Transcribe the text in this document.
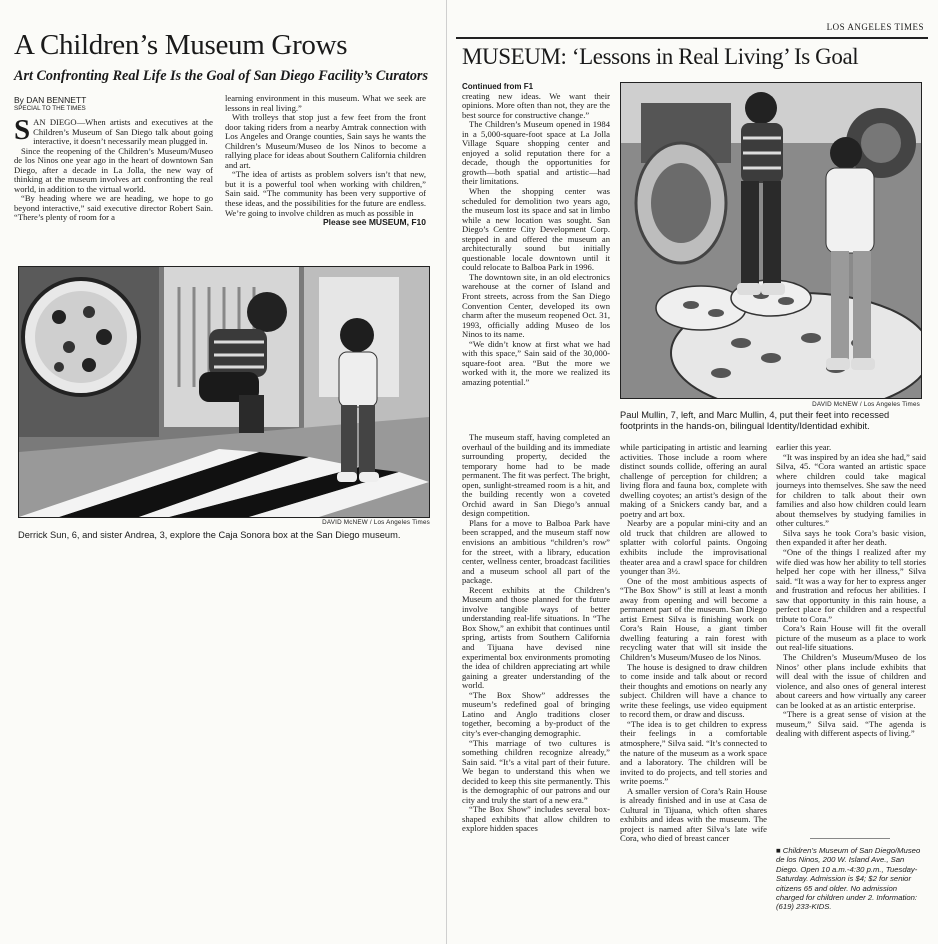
A Children’s Museum Grows
Art Confronting Real Life Is the Goal of San Diego Facility’s Curators
By DAN BENNETT
SPECIAL TO THE TIMES

SAN DIEGO—When artists and executives at the Children’s Museum of San Diego talk about going interactive, it doesn’t necessarily mean plugged in.

Since the reopening of the Children’s Museum/Museo de los Ninos one year ago in the heart of downtown San Diego, after a decade in La Jolla, the new way of thinking at the museum involves art confronting the real world, in addition to the virtual world.

“By heading where we are heading, we hope to go beyond interactive,” said executive director Robert Sain. “There’s plenty of room for a

learning environment in this museum. What we seek are lessons in real living.”

With trolleys that stop just a few feet from the front door taking riders from a nearby Amtrak connection with Los Angeles and Orange counties, Sain says he wants the Children’s Museum/Museo de los Ninos to become a rallying place for ideas about Southern California children and art.

“The idea of artists as problem solvers isn’t that new, but it is a powerful tool when working with children,” Sain said. “The community has been very supportive of these ideas, and the possibilities for the future are endless. We’re going to involve children as much as possible in

Please see MUSEUM, F10
DAVID McNEW / Los Angeles Times
Derrick Sun, 6, and sister Andrea, 3, explore the Caja Sonora box at the San Diego museum.
LOS ANGELES TIMES
MUSEUM: ‘Lessons in Real Living’ Is Goal

Continued from F1

creating new ideas. We want their opinions. More often than not, they are the best source for constructive change.”

The Children’s Museum opened in 1984 in a 5,000-square-foot space at La Jolla Village Square shopping center and enjoyed a solid reputation there for a decade, though the opportunities for growth—both spatial and artistic—had their limitations.

When the shopping center was scheduled for demolition two years ago, the museum lost its space and sat in limbo while a new location was sought. San Diego’s Centre City Development Corp. stepped in and offered the museum an architecturally sound but initially questionable locale downtown until it could relocate to Balboa Park in 1996.

The downtown site, in an old electronics warehouse at the corner of Island and Front streets, across from the San Diego Convention Center, developed its own charm after the museum reopened Oct. 31, 1993, officially adding Museo de los Ninos to its name.

“We didn’t know at first what we had with this space,” Sain said of the 30,000-square-foot area. “But the more we worked with it, the more we realized its amazing potential.”

The museum staff, having completed an overhaul of the building and its immediate surrounding property, decided the temporary home had to be made permanent. The fit was perfect. The bright, open, sunlight-streamed room is a hit, and the building recently won a coveted Orchid award in San Diego’s annual design competition.

Plans for a move to Balboa Park have been scrapped, and the museum staff now envisions an ambitious “children’s row” for the street, with a library, education center, wellness center, broadcast facilities and a museum school all part of the package.

Recent exhibits at the Children’s Museum and those planned for the future involve tangible ways of better understanding real-life situations. In “The Box Show,” an exhibit that continues until spring, artists from Southern California and Tijuana have devised nine experimental box environments promoting the idea of children appreciating art while gaining a greater understanding of the world.

“The Box Show” addresses the museum’s redefined goal of bringing Latino and Anglo traditions closer together, becoming a by-product of the city’s ever-changing demographic.

“This marriage of two cultures is something children recognize already,” Sain said. “It’s a vital part of their future. We began to understand this when we decided to keep this site permanently. This is the demographic of our patrons and our city and truly the start of a new era.”

“The Box Show” includes several box-shaped exhibits that allow children to explore hidden spaces

DAVID McNEW / Los Angeles Times
Paul Mullin, 7, left, and Marc Mullin, 4, put their feet into recessed footprints in the hands-on, bilingual Identity/Identidad exhibit.

while participating in artistic and learning activities. Those include a room where distinct sounds collide, offering an aural challenge of perception for children; a living flora and fauna box, complete with dwelling coyotes; an artist’s design of the making of a Snickers candy bar, and a poetry and art box.

Nearby are a popular mini-city and an old truck that children are allowed to splatter with colorful paints. Ongoing exhibits include the improvisational theater area and a crawl space for children younger than 3½.

One of the most ambitious aspects of “The Box Show” is still at least a month away from opening and will become a permanent part of the museum. San Diego artist Ernest Silva is finishing work on Cora’s Rain House, a giant timber dwelling featuring a rain forest with recycling water that will sit inside the Children’s Museum/Museo de los Ninos.

The house is designed to draw children to come inside and talk about or record their thoughts and emotions on nearly any subject. Children will have a chance to write these feelings, use video equipment to record them, or draw and discuss.

“The idea is to get children to express their feelings in a comfortable atmosphere,” Silva said. “It’s connected to the nature of the museum as a work space and a laboratory. The children will be invited to do projects, and tell stories and write poems.”

A smaller version of Cora’s Rain House is already finished and in use at Casa de Cultural in Tijuana, which often shares exhibits and ideas with the museum. The project is named after Silva’s late wife Cora, who died of breast cancer

earlier this year.

“It was inspired by an idea she had,” said Silva, 45. “Cora wanted an artistic space where children could take magical journeys into themselves. She saw the need for children to talk about their own families and also how children could learn about themselves by studying families in other cultures.”

Silva says he took Cora’s basic vision, then expanded it after her death.

“One of the things I realized after my wife died was how her ability to tell stories helped her cope with her illness,” Silva said. “It was a way for her to express anger and frustration and refocus her abilities. I saw that opportunity in this rain house, a perfect place for children and a respectful tribute to Cora.”

Cora’s Rain House will fit the overall picture of the museum as a place to work out real-life situations.

The Children’s Museum/Museo de los Ninos’ other plans include exhibits that will deal with the issue of children and violence, and also ones of general interest about careers and how virtually any career can be looked at as an artistic enterprise.

“There is a great sense of vision at the museum,” Silva said. “The agenda is dealing with different aspects of living.”

■ Children’s Museum of San Diego/Museo de los Ninos, 200 W. Island Ave., San Diego. Open 10 a.m.-4:30 p.m., Tuesday-Saturday. Admission is $4; $2 for senior citizens 65 and older. No admission charged for children under 2. Information: (619) 233-KIDS.
